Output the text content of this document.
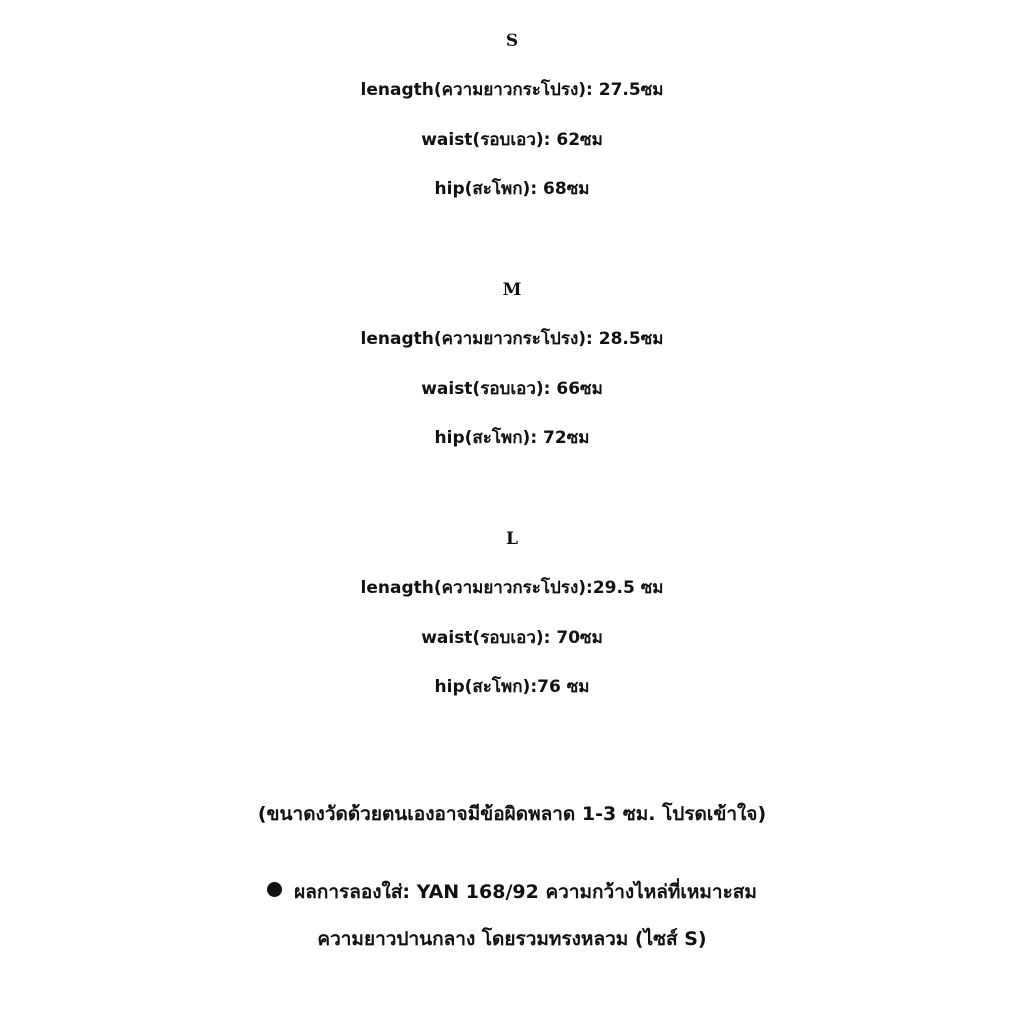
S
lenagth(ความยาวกระโปรง): 27.5ซม
waist(รอบเอว): 62ซม
hip(สะโพก): 68ซม
M
lenagth(ความยาวกระโปรง): 28.5ซม
waist(รอบเอว): 66ซม
hip(สะโพก): 72ซม
L
lenagth(ความยาวกระโปรง):29.5 ซม
waist(รอบเอว): 70ซม
hip(สะโพก):76 ซม
(ขนาดงวัดด้วยตนเองอาจมีข้อผิดพลาด 1-3 ซม. โปรดเข้าใจ)
ผลการลองใส่: YAN 168/92 ความกว้างไหล่ที่เหมาะสม
ความยาวปานกลาง โดยรวมทรงหลวม (ไซส์ S)
